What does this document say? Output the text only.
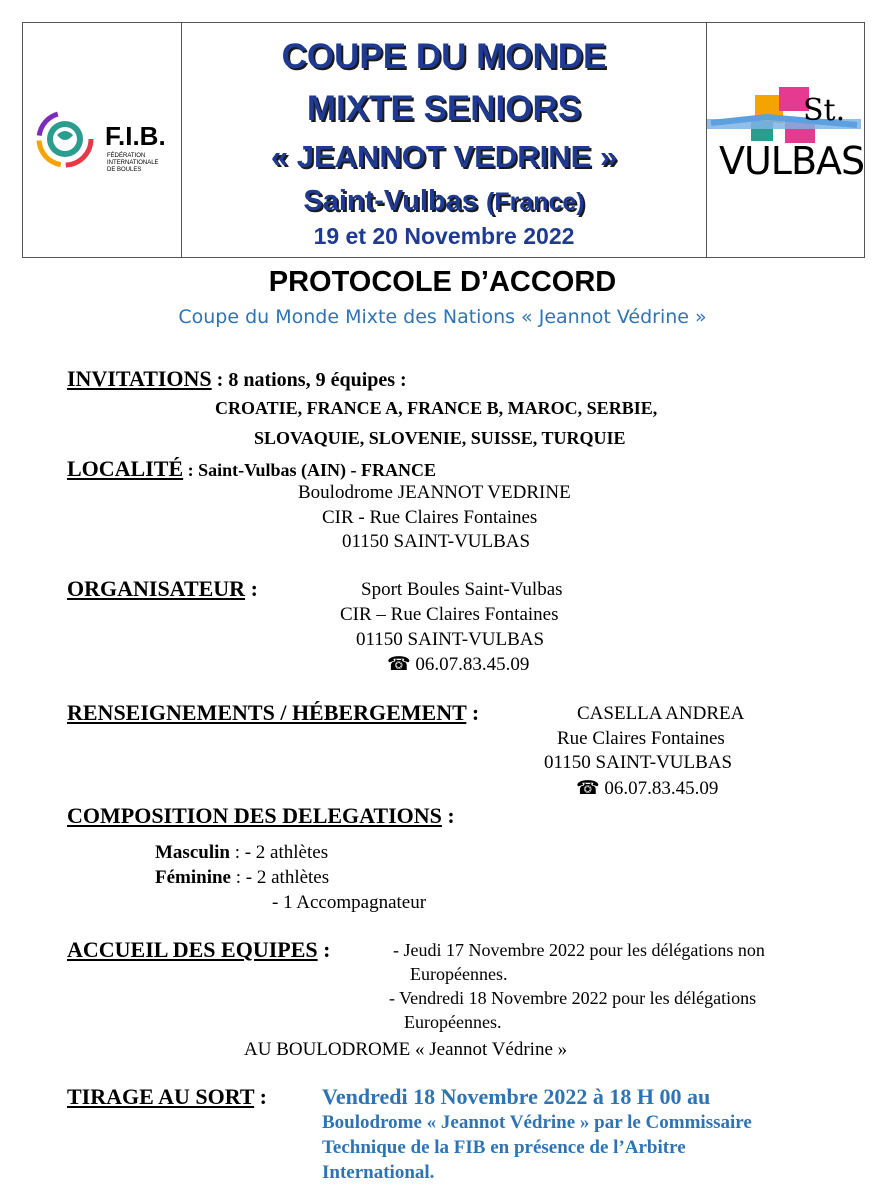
F.I.B.
FÉDÉRATION
INTERNATIONALE
DE BOULES
COUPE DU MONDE
MIXTE SENIORS
« JEANNOT VEDRINE »
Saint-Vulbas (France)
19 et 20 Novembre 2022
St.
VULBAS
PROTOCOLE D’ACCORD
Coupe du Monde Mixte des Nations « Jeannot Védrine »
INVITATIONS : 8 nations, 9 équipes :
CROATIE, FRANCE A, FRANCE B, MAROC, SERBIE,
SLOVAQUIE, SLOVENIE, SUISSE, TURQUIE
LOCALITÉ : Saint-Vulbas (AIN) - FRANCE
Boulodrome JEANNOT VEDRINE
CIR - Rue Claires Fontaines
01150 SAINT-VULBAS
ORGANISATEUR :	Sport Boules Saint-Vulbas
CIR – Rue Claires Fontaines
01150 SAINT-VULBAS
☎ 06.07.83.45.09
RENSEIGNEMENTS / HÉBERGEMENT :	CASELLA ANDREA
Rue Claires Fontaines
01150 SAINT-VULBAS
☎ 06.07.83.45.09
COMPOSITION DES DELEGATIONS :
Masculin : - 2 athlètes
Féminine : - 2 athlètes
- 1 Accompagnateur
ACCUEIL DES EQUIPES :	- Jeudi 17 Novembre 2022 pour les délégations non
Européennes.
- Vendredi 18 Novembre 2022 pour les délégations
Européennes.
AU BOULODROME « Jeannot Védrine »
TIRAGE AU SORT :	Vendredi 18 Novembre 2022 à 18 H 00 au
Boulodrome « Jeannot Védrine » par le Commissaire
Technique de la FIB en présence de l’Arbitre
International.
